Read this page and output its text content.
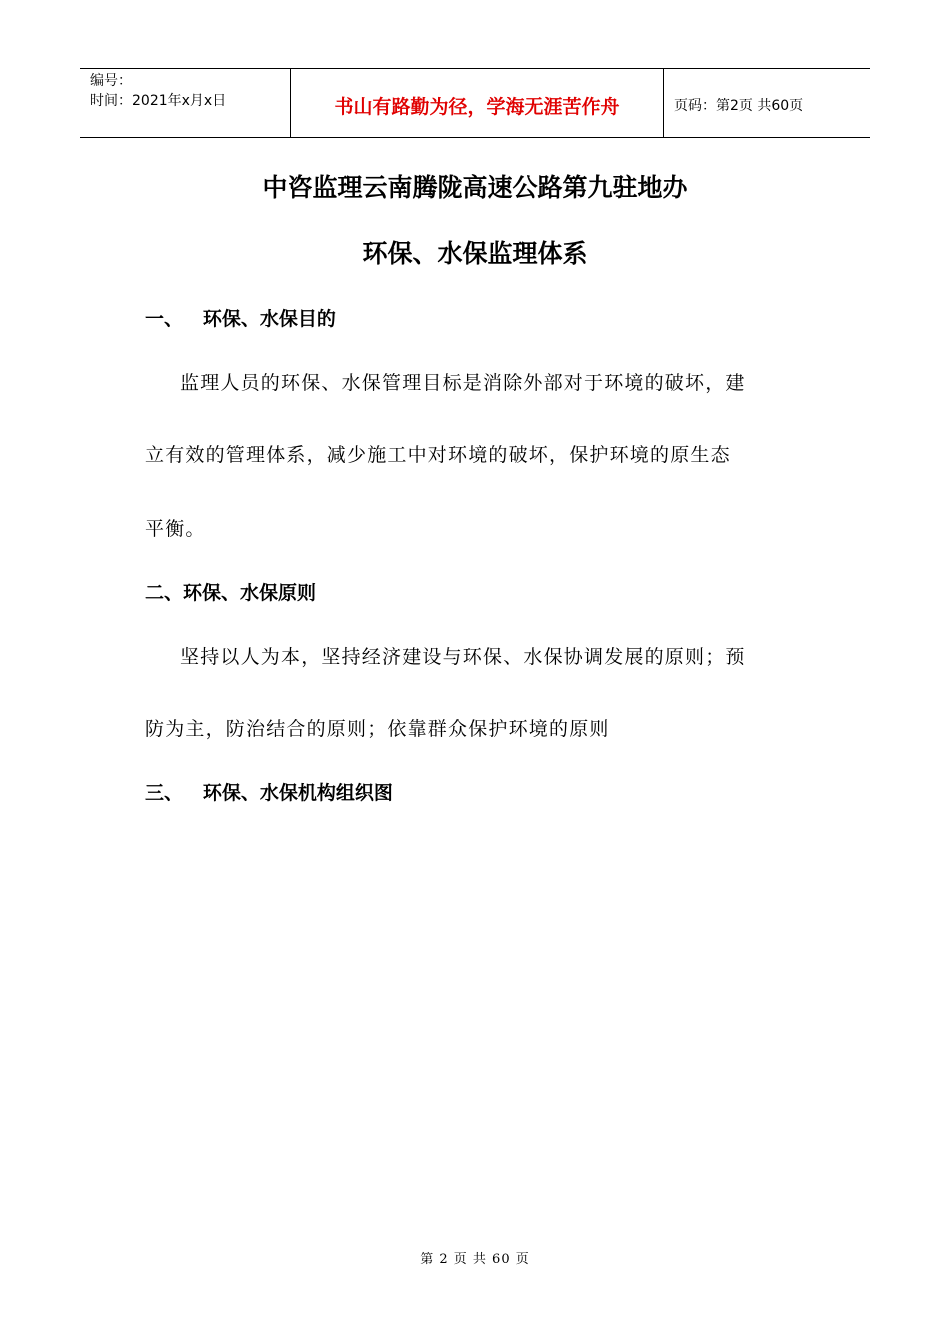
编号：
时间：2021年x月x日	书山有路勤为径，学海无涯苦作舟	页码：第2页 共60页
中咨监理云南腾陇高速公路第九驻地办
环保、水保监理体系
一、   环保、水保目的
监理人员的环保、水保管理目标是消除外部对于环境的破坏，建
立有效的管理体系，减少施工中对环境的破坏，保护环境的原生态
平衡。
二、环保、水保原则
坚持以人为本，坚持经济建设与环保、水保协调发展的原则；预
防为主，防治结合的原则；依靠群众保护环境的原则
三、   环保、水保机构组织图
第 2 页 共 60 页
